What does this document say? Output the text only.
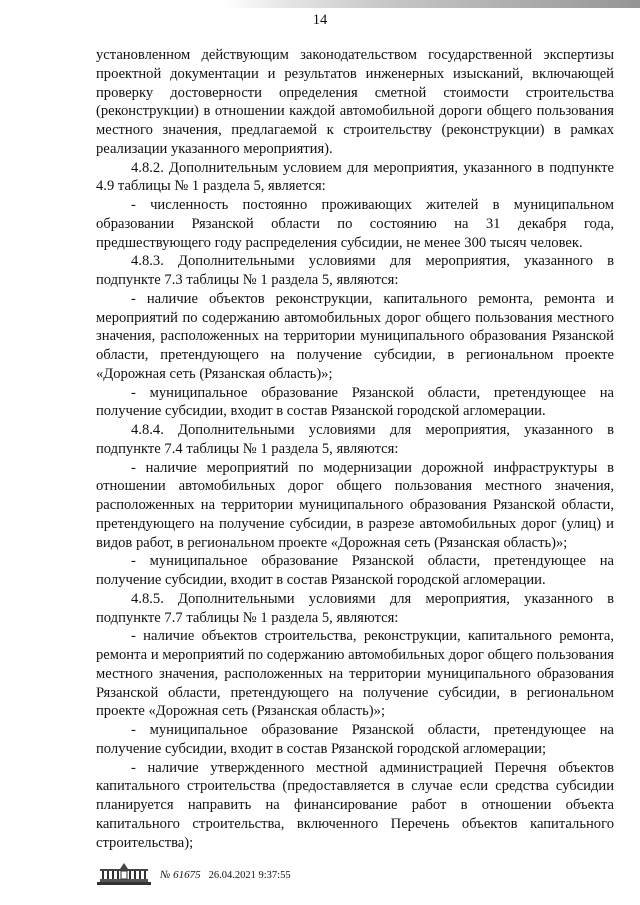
14

установленном действующим законодательством государственной экспертизы проектной документации и результатов инженерных изысканий, включающей проверку достоверности определения сметной стоимости строительства (реконструкции) в отношении каждой автомобильной дороги общего пользования местного значения, предлагаемой к строительству (реконструкции) в рамках реализации указанного мероприятия).

4.8.2. Дополнительным условием для мероприятия, указанного в подпункте 4.9 таблицы № 1 раздела 5, является:

- численность постоянно проживающих жителей в муниципальном образовании Рязанской области по состоянию на 31 декабря года, предшествующего году распределения субсидии, не менее 300 тысяч человек.

4.8.3. Дополнительными условиями для мероприятия, указанного в подпункте 7.3 таблицы № 1 раздела 5, являются:

- наличие объектов реконструкции, капитального ремонта, ремонта и мероприятий по содержанию автомобильных дорог общего пользования местного значения, расположенных на территории муниципального образования Рязанской области, претендующего на получение субсидии, в региональном проекте «Дорожная сеть (Рязанская область)»;

- муниципальное образование Рязанской области, претендующее на получение субсидии, входит в состав Рязанской городской агломерации.

4.8.4. Дополнительными условиями для мероприятия, указанного в подпункте 7.4 таблицы № 1 раздела 5, являются:

- наличие мероприятий по модернизации дорожной инфраструктуры в отношении автомобильных дорог общего пользования местного значения, расположенных на территории муниципального образования Рязанской области, претендующего на получение субсидии, в разрезе автомобильных дорог (улиц) и видов работ, в региональном проекте «Дорожная сеть (Рязанская область)»;

- муниципальное образование Рязанской области, претендующее на получение субсидии, входит в состав Рязанской городской агломерации.

4.8.5. Дополнительными условиями для мероприятия, указанного в подпункте 7.7 таблицы № 1 раздела 5, являются:

- наличие объектов строительства, реконструкции, капитального ремонта, ремонта и мероприятий по содержанию автомобильных дорог общего пользования местного значения, расположенных на территории муниципального образования Рязанской области, претендующего на получение субсидии, в региональном проекте «Дорожная сеть (Рязанская область)»;

- муниципальное образование Рязанской области, претендующее на получение субсидии, входит в состав Рязанской городской агломерации;

- наличие утвержденного местной администрацией Перечня объектов капитального строительства (предоставляется в случае если средства субсидии планируется направить на финансирование работ в отношении объекта капитального строительства, включенного Перечень объектов капитального строительства);

№ 61675 26.04.2021 9:37:55
